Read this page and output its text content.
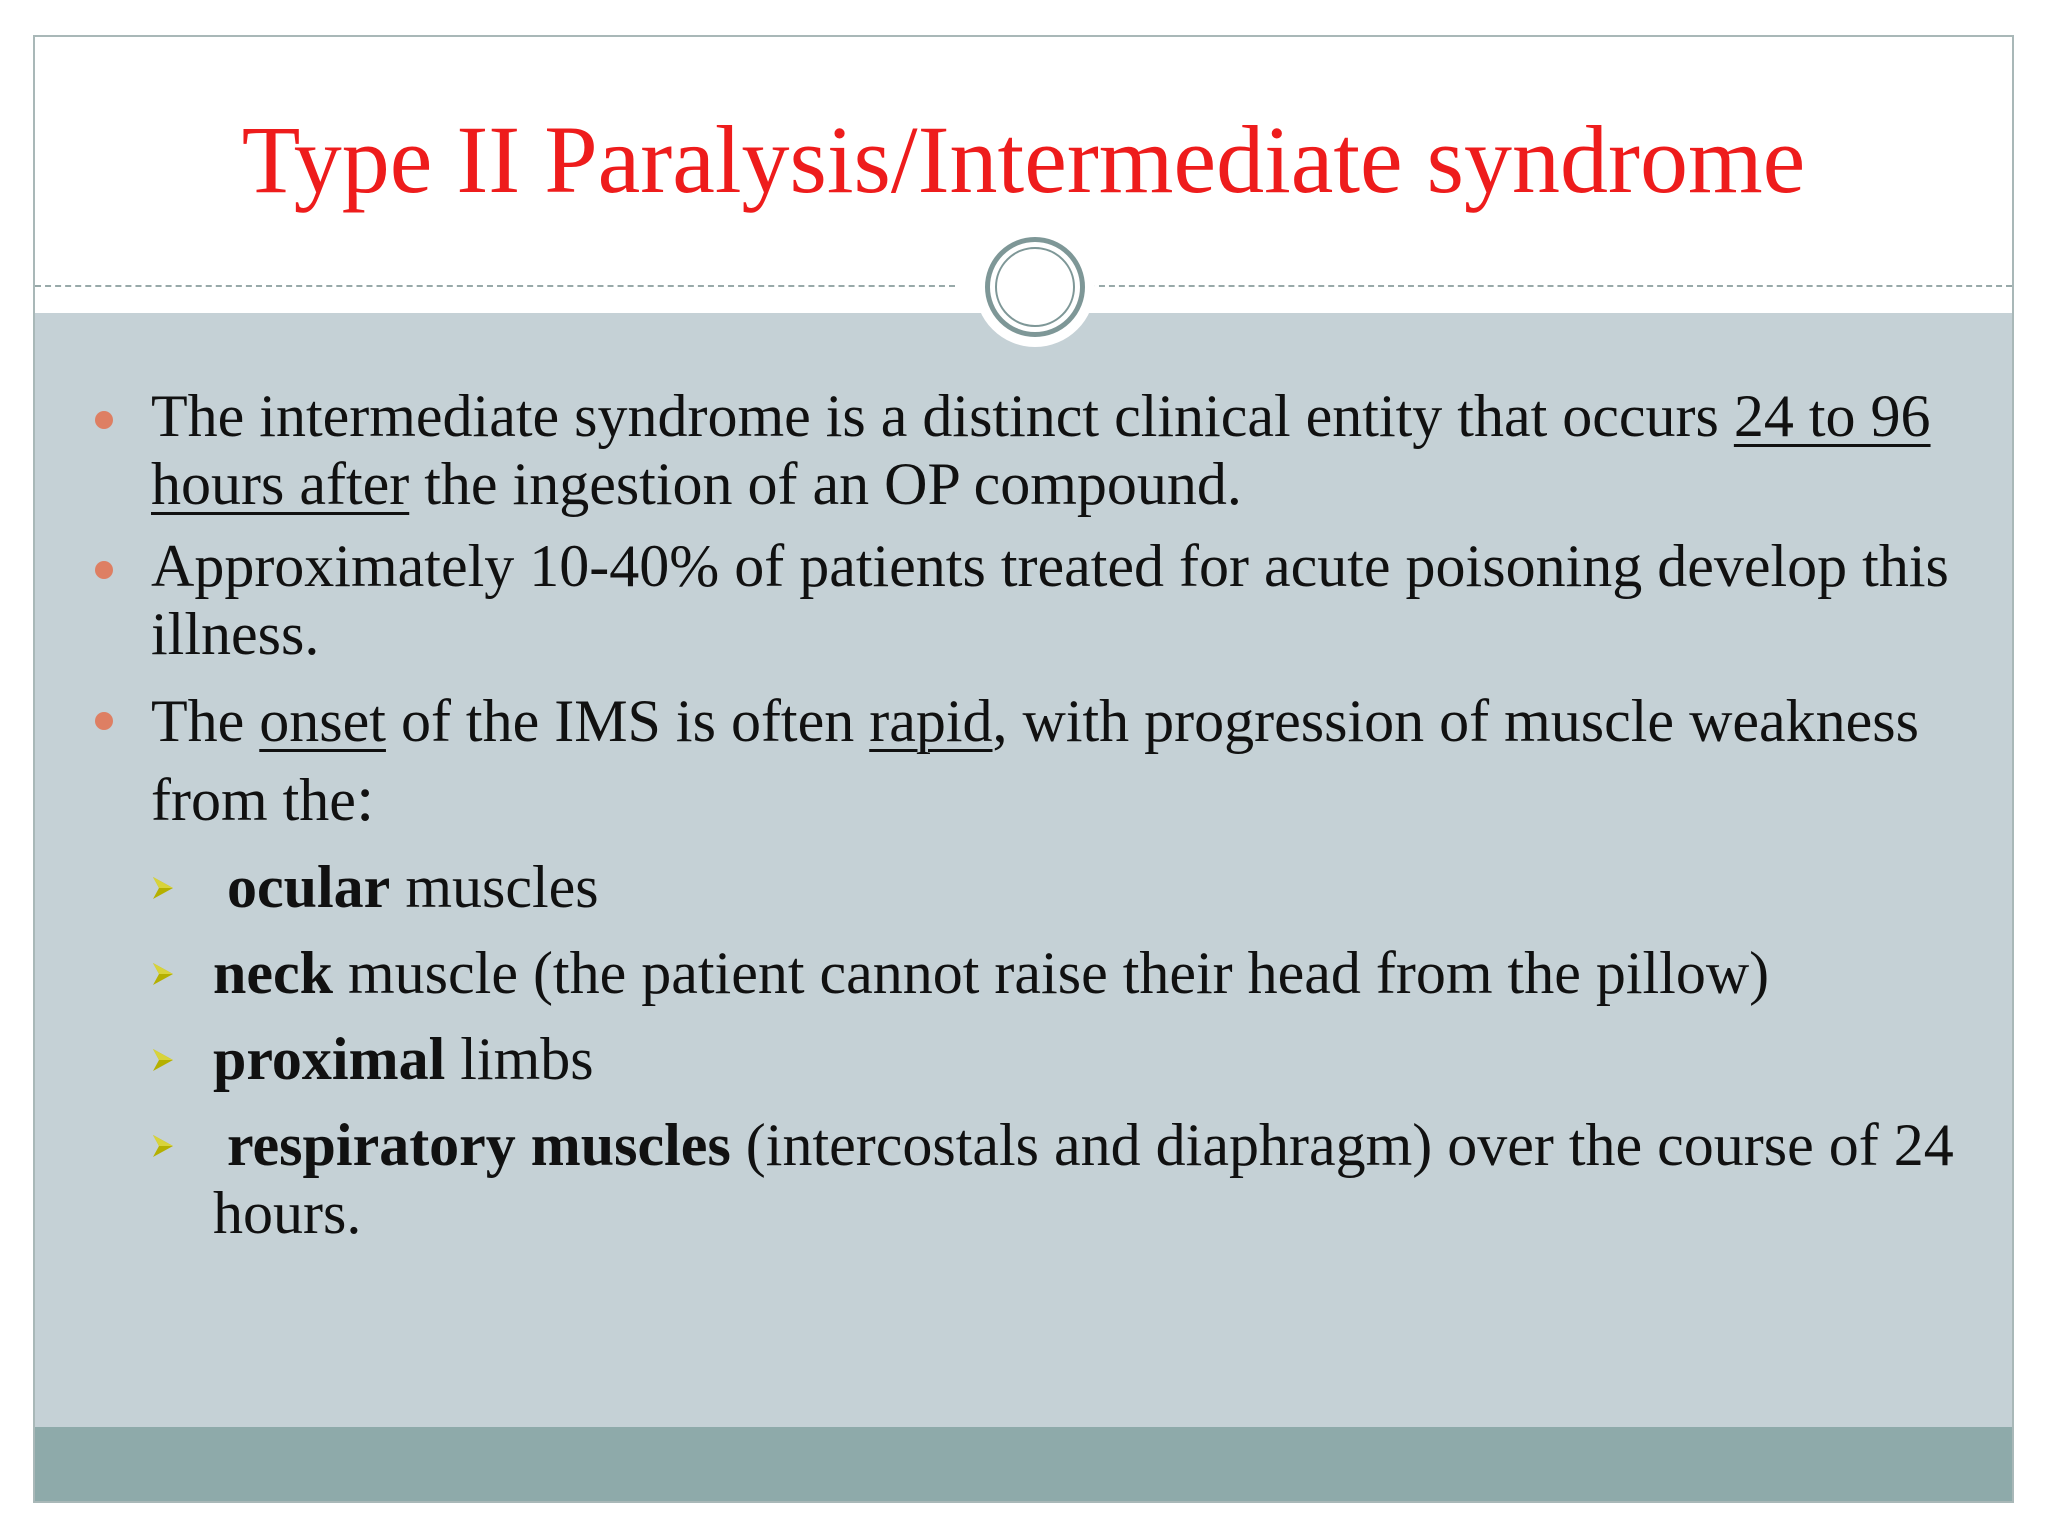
Type II Paralysis/Intermediate syndrome
The intermediate syndrome is a distinct clinical entity that occurs 24 to 96 hours after the ingestion of an OP compound.
Approximately 10-40% of patients treated for acute poisoning develop this illness.
The onset of the IMS is often rapid, with progression of muscle weakness from the:
ocular muscles
neck muscle (the patient cannot raise their head from the pillow)
proximal limbs
respiratory muscles (intercostals and diaphragm) over the course of 24 hours.
